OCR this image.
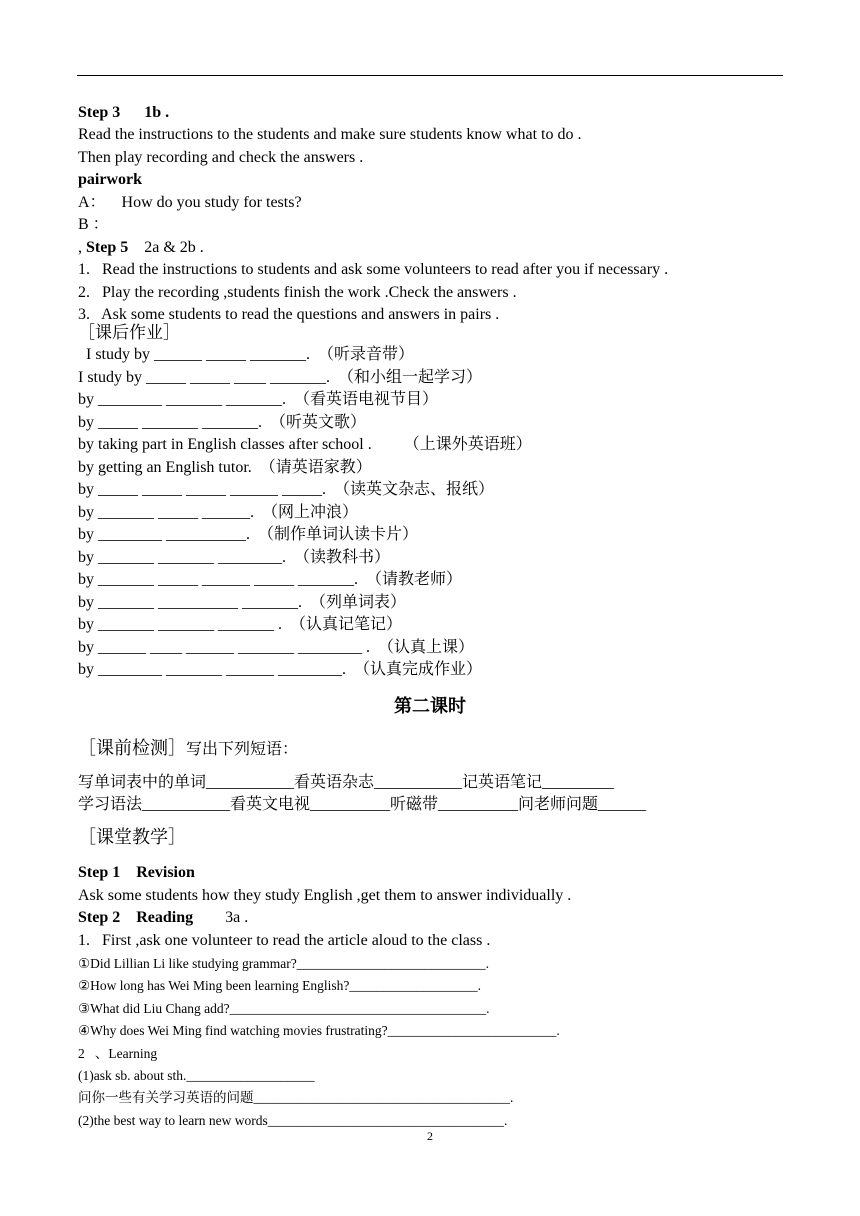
Step 3 1b .
Read the instructions to the students and make sure students know what to do .
Then play recording and check the answers .
pairwork
A：    How do you study for tests?
B ：
, Step 5 2a & 2b .
1.   Read the instructions to students and ask some volunteers to read after you if necessary .
2.   Play the recording ,students finish the work .Check the answers .
3.   Ask some students to read the questions and answers in pairs .
［课后作业］
I study by ______ _____ _______.  （听录音带）
I study by _____ _____ ____ _______.  （和小组一起学习）
by ________ _______ _______.  （看英语电视节目）
by _____ _______ _______.  （听英文歌）
by taking part in English classes after school .        （上课外英语班）
by getting an English tutor.  （请英语家教）
by _____ _____ _____ ______ _____.  （读英文杂志、报纸）
by _______ _____ ______.  （网上冲浪）
by ________ __________.  （制作单词认读卡片）
by _______ _______ ________.  （读教科书）
by _______ _____ ______ _____ _______.  （请教老师）
by _______ __________ _______.  （列单词表）
by _______ _______ _______ .  （认真记笔记）
by ______ ____ ______ _______ ________ .  （认真上课）
by ________ _______ ______ ________.  （认真完成作业）
第二课时
［课前检测］写出下列短语：
写单词表中的单词___________看英语杂志___________记英语笔记_________
学习语法___________看英文电视__________听磁带__________问老师问题______
［课堂教学］
Step 1    Revision
Ask some students how they study English ,get them to answer individually .
Step 2    Reading 3a .
1.   First ,ask one volunteer to read the article aloud to the class .
①Did Lillian Li like studying grammar?____________________________.
②How long has Wei Ming been learning English?___________________.
③What did Liu Chang add?______________________________________.
④Why does Wei Ming find watching movies frustrating?_________________________.
2   、Learning
(1)ask sb. about sth.___________________
问你一些有关学习英语的问题______________________________________.
(2)the best way to learn new words___________________________________.
2
